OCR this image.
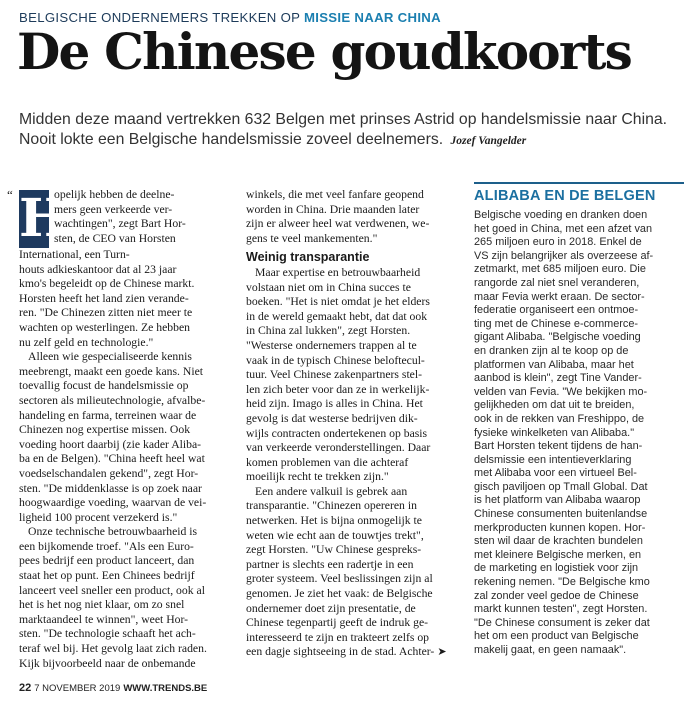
BELGISCHE ONDERNEMERS TREKKEN OP MISSIE NAAR CHINA
De Chinese goudkoorts
Midden deze maand vertrekken 632 Belgen met prinses Astrid op handelsmissie naar China.
Nooit lokte een Belgische handelsmissie zoveel deelnemers. Jozef Vangelder
“ H
opelijk hebben de deelne-
mers geen verkeerde ver-
wachtingen", zegt Bart Hor-
sten, de CEO van Horsten
International, een Turn-
houts adkieskantoor dat al 23 jaar
kmo's begeleidt op de Chinese markt.
Horsten heeft het land zien verande-
ren. "De Chinezen zitten niet meer te
wachten op westerlingen. Ze hebben
nu zelf geld en technologie."
Alleen wie gespecialiseerde kennis
meebrengt, maakt een goede kans. Niet
toevallig focust de handelsmissie op
sectoren als milieutechnologie, afvalbe-
handeling en farma, terreinen waar de
Chinezen nog expertise missen. Ook
voeding hoort daarbij (zie kader Aliba-
ba en de Belgen). "China heeft heel wat
voedselschandalen gekend", zegt Hor-
sten. "De middenklasse is op zoek naar
hoogwaardige voeding, waarvan de vei-
ligheid 100 procent verzekerd is."
Onze technische betrouwbaarheid is
een bijkomende troef. "Als een Euro-
pees bedrijf een product lanceert, dan
staat het op punt. Een Chinees bedrijf
lanceert veel sneller een product, ook al
het is het nog niet klaar, om zo snel
marktaandeel te winnen", weet Hor-
sten. "De technologie schaaft het ach-
teraf wel bij. Het gevolg laat zich raden.
Kijk bijvoorbeeld naar de onbemande
winkels, die met veel fanfare geopend
worden in China. Drie maanden later
zijn er alweer heel wat verdwenen, we-
gens te veel mankementen."
Weinig transparantie
Maar expertise en betrouwbaarheid
volstaan niet om in China succes te
boeken. "Het is niet omdat je het elders
in de wereld gemaakt hebt, dat dat ook
in China zal lukken", zegt Horsten.
"Westerse ondernemers trappen al te
vaak in de typisch Chinese beloftecul-
tuur. Veel Chinese zakenpartners stel-
len zich beter voor dan ze in werkelijk-
heid zijn. Imago is alles in China. Het
gevolg is dat westerse bedrijven dik-
wijls contracten ondertekenen op basis
van verkeerde veronderstellingen. Daar
komen problemen van die achteraf
moeilijk recht te trekken zijn."
Een andere valkuil is gebrek aan
transparantie. "Chinezen opereren in
netwerken. Het is bijna onmogelijk te
weten wie echt aan de touwtjes trekt",
zegt Horsten. "Uw Chinese gespreks-
partner is slechts een radertje in een
groter systeem. Veel beslissingen zijn al
genomen. Je ziet het vaak: de Belgische
ondernemer doet zijn presentatie, de
Chinese tegenpartij geeft de indruk ge-
interesseerd te zijn en trakteert zelfs op
een dagje sightseeing in de stad. Achter- ➤
ALIBABA EN DE BELGEN
Belgische voeding en dranken doen
het goed in China, met een afzet van
265 miljoen euro in 2018. Enkel de
VS zijn belangrijker als overzeese af-
zetmarkt, met 685 miljoen euro. Die
rangorde zal niet snel veranderen,
maar Fevia werkt eraan. De sector-
federatie organiseert een ontmoe-
ting met de Chinese e-commerce-
gigant Alibaba. "Belgische voeding
en dranken zijn al te koop op de
platformen van Alibaba, maar het
aanbod is klein", zegt Tine Vander-
velden van Fevia. "We bekijken mo-
gelijkheden om dat uit te breiden,
ook in de rekken van Freshippo, de
fysieke winkelketen van Alibaba."
Bart Horsten tekent tijdens de han-
delsmissie een intentieverklaring
met Alibaba voor een virtueel Bel-
gisch paviljoen op Tmall Global. Dat
is het platform van Alibaba waarop
Chinese consumenten buitenlandse
merkproducten kunnen kopen. Hor-
sten wil daar de krachten bundelen
met kleinere Belgische merken, en
de marketing en logistiek voor zijn
rekening nemen. "De Belgische kmo
zal zonder veel gedoe de Chinese
markt kunnen testen", zegt Horsten.
"De Chinese consument is zeker dat
het om een product van Belgische
makelij gaat, en geen namaak".
22 7 NOVEMBER 2019 WWW.TRENDS.BE
